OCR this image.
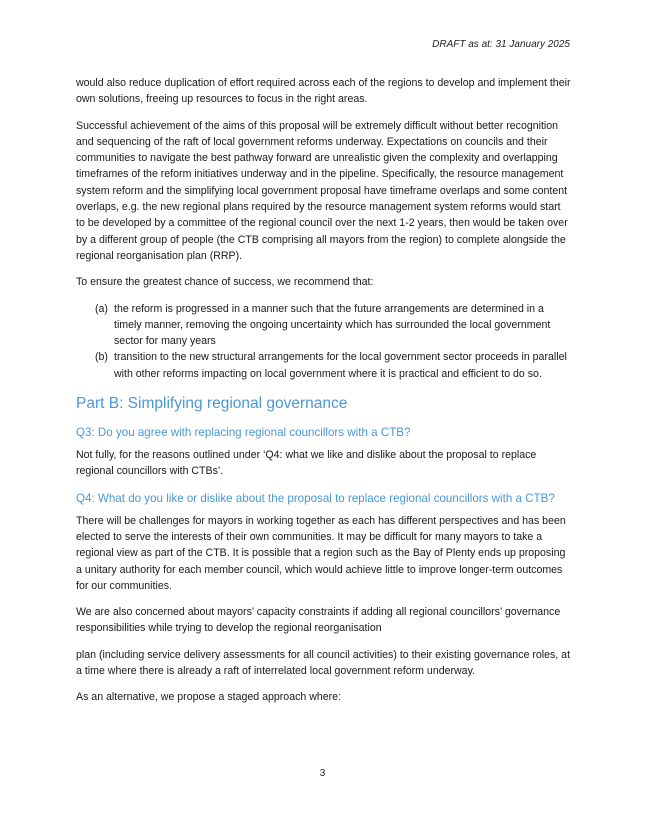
DRAFT as at: 31 January 2025

would also reduce duplication of effort required across each of the regions to develop and implement their own solutions, freeing up resources to focus in the right areas.

Successful achievement of the aims of this proposal will be extremely difficult without better recognition and sequencing of the raft of local government reforms underway. Expectations on councils and their communities to navigate the best pathway forward are unrealistic given the complexity and overlapping timeframes of the reform initiatives underway and in the pipeline. Specifically, the resource management system reform and the simplifying local government proposal have timeframe overlaps and some content overlaps, e.g. the new regional plans required by the resource management system reforms would start to be developed by a committee of the regional council over the next 1-2 years, then would be taken over by a different group of people (the CTB comprising all mayors from the region) to complete alongside the regional reorganisation plan (RRP).

To ensure the greatest chance of success, we recommend that:

(a) the reform is progressed in a manner such that the future arrangements are determined in a timely manner, removing the ongoing uncertainty which has surrounded the local government sector for many years
(b) transition to the new structural arrangements for the local government sector proceeds in parallel with other reforms impacting on local government where it is practical and efficient to do so.
Part B: Simplifying regional governance
Q3: Do you agree with replacing regional councillors with a CTB?

Not fully, for the reasons outlined under ‘Q4: what we like and dislike about the proposal to replace regional councillors with CTBs’.

Q4: What do you like or dislike about the proposal to replace regional councillors with a CTB?

There will be challenges for mayors in working together as each has different perspectives and has been elected to serve the interests of their own communities. It may be difficult for many mayors to take a regional view as part of the CTB. It is possible that a region such as the Bay of Plenty ends up proposing a unitary authority for each member council, which would achieve little to improve longer-term outcomes for our communities.

We are also concerned about mayors’ capacity constraints if adding all regional councillors’ governance responsibilities while trying to develop the regional reorganisation

plan (including service delivery assessments for all council activities) to their existing governance roles, at a time where there is already a raft of interrelated local government reform underway.

As an alternative, we propose a staged approach where:

3
